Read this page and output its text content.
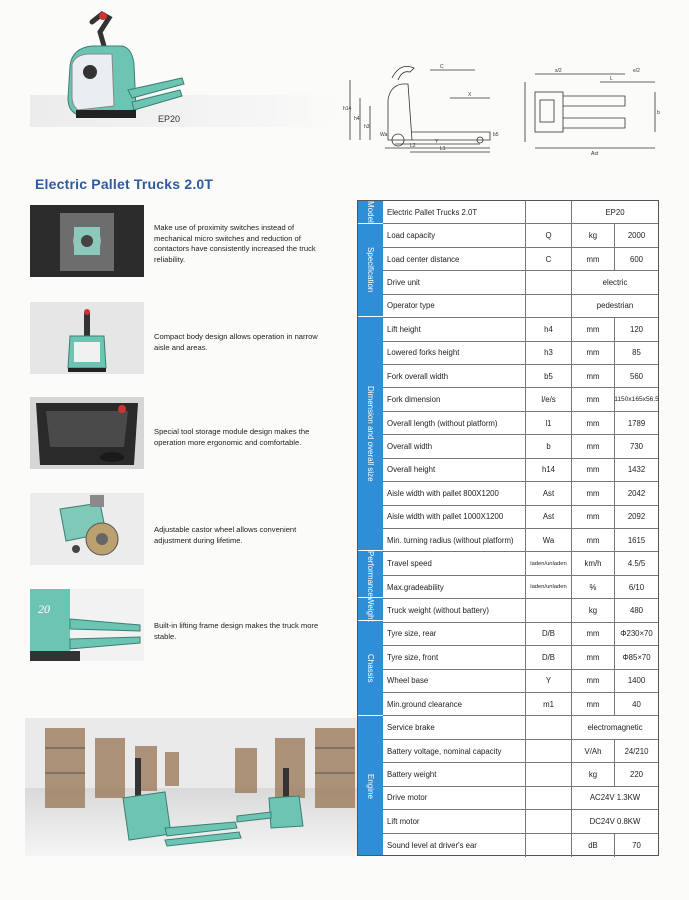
EP20
C
X
h14
h4
h3
L1
L2
Y
Wa	b5
s/2
L
e/2
b
Ast
Electric Pallet Trucks 2.0T
Make use of proximity switches instead of mechanical micro switches and reduction of contactors have consistently increased the truck reliability.
Compact body design allows operation in narrow aisle and areas.
Special tool storage module design makes the operation more ergonomic and comfortable.
Adjustable castor wheel allows convenient adjustment during lifetime.
20
Built-in lifting frame design makes the truck more stable.
Model
Specification
Dimension and overall size
Performance
Weight
Chassis
Engine
Electric Pallet Trucks 2.0T	EP20
Load capacity	Q	kg	2000
Load center distance	C	mm	600
Drive unit	electric
Operator type	pedestrian
Lift height	h4	mm	120
Lowered forks height	h3	mm	85
Fork overall width	b5	mm	560
Fork dimension	l/e/s	mm	1150x165x56.5
Overall length (without platform)	l1	mm	1789
Overall width	b	mm	730
Overall height	h14	mm	1432
Aisle width with pallet 800X1200	Ast	mm	2042
Aisle width with pallet 1000X1200	Ast	mm	2092
Min. turning radius (without platform)	Wa	mm	1615
Travel speed	laden/unladen	km/h	4.5/5
Max.gradeability	laden/unladen	%	6/10
Truck weight (without battery)	kg	480
Tyre size, rear	D/B	mm	Φ230×70
Tyre size, front	D/B	mm	Φ85×70
Wheel base	Y	mm	1400
Min.ground clearance	m1	mm	40
Service brake	electromagnetic
Battery voltage, nominal capacity	V/Ah	24/210
Battery weight	kg	220
Drive motor	AC24V 1.3KW
Lift motor	DC24V 0.8KW
Sound level at driver's ear	dB	70
